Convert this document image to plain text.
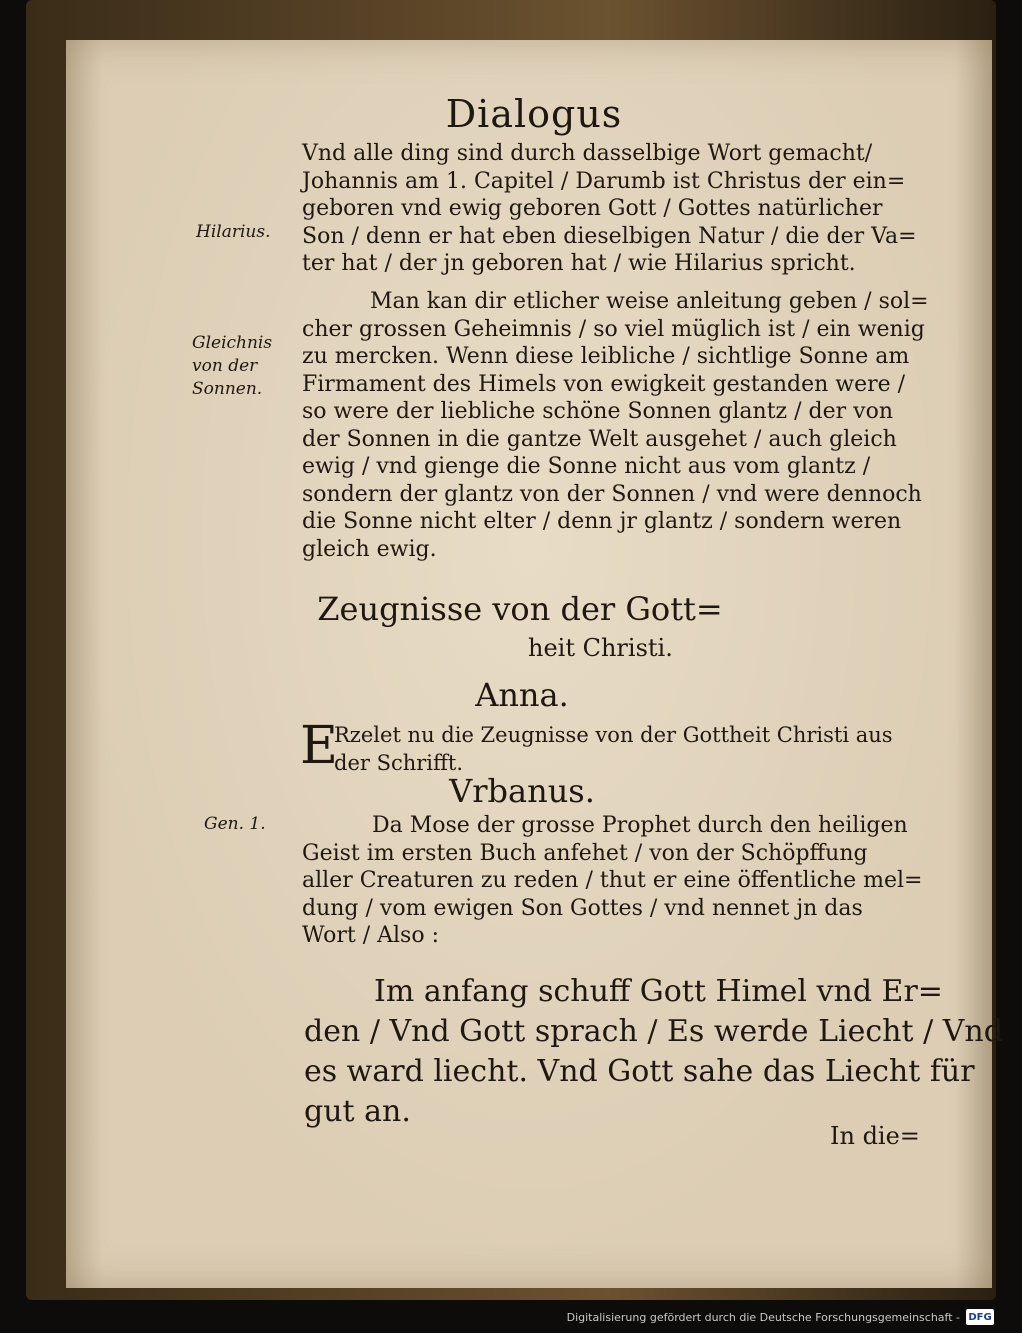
Dialogus
Hilarius.
Gleichnis
von der
Sonnen.
Gen. 1.
Vnd alle ding sind durch dasselbige Wort gemacht/
Johannis am 1. Capitel / Darumb ist Christus der ein=
geboren vnd ewig geboren Gott / Gottes natürlicher
Son / denn er hat eben dieselbigen Natur / die der Va=
ter hat / der jn geboren hat / wie Hilarius spricht.
Man kan dir etlicher weise anleitung geben / sol=
cher grossen Geheimnis / so viel müglich ist / ein wenig
zu mercken. Wenn diese leibliche / sichtlige Sonne am
Firmament des Himels von ewigkeit gestanden were /
so were der liebliche schöne Sonnen glantz / der von
der Sonnen in die gantze Welt ausgehet / auch gleich
ewig / vnd gienge die Sonne nicht aus vom glantz /
sondern der glantz von der Sonnen / vnd were dennoch
die Sonne nicht elter / denn jr glantz / sondern weren
gleich ewig.
Zeugnisse von der Gott=
heit Christi.
Anna.
E
Rzelet nu die Zeugnisse von der Gottheit Christi aus
der Schrifft.
Vrbanus.
Da Mose der grosse Prophet durch den heiligen
Geist im ersten Buch anfehet / von der Schöpffung
aller Creaturen zu reden / thut er eine öffentliche mel=
dung / vom ewigen Son Gottes / vnd nennet jn das
Wort / Also :
Im anfang schuff Gott Himel vnd Er=
den / Vnd Gott sprach / Es werde Liecht / Vnd
es ward liecht. Vnd Gott sahe das Liecht für
gut an.
In die=
Digitalisierung gefördert durch die Deutsche Forschungsgemeinschaft - DFG
